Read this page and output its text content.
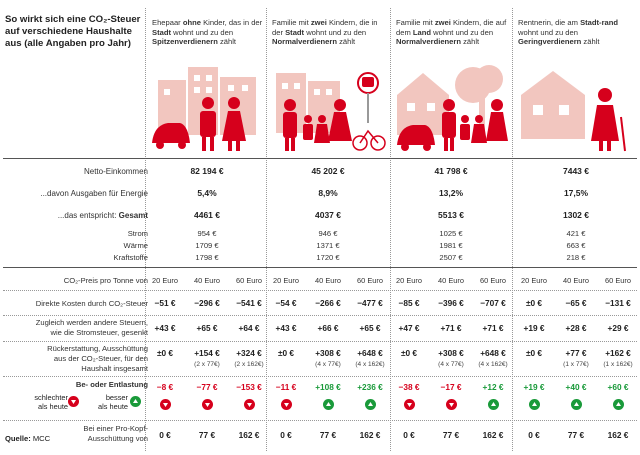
So wirkt sich eine CO₂-Steuer auf verschiedene Haushalte aus (alle Angaben pro Jahr)
Ehepaar ohne Kinder, das in der Stadt wohnt und zu den Spitzenverdienern zählt
Familie mit zwei Kindern, die in der Stadt wohnt und zu den Normalverdienern zählt
Familie mit zwei Kindern, die auf dem Land wohnt und zu den Normalverdienern zählt
Rentnerin, die am Stadt-rand wohnt und zu den Geringverdienern zählt
Netto-Einkommen
...davon Ausgaben für Energie
...das entspricht: Gesamt
Strom
Wärme
Kraftstoffe
82 194 €
5,4%
4461 €
954 €
1709 €
1798 €
45 202 €
8,9%
4037 €
946 €
1371 €
1720 €
41 798 €
13,2%
5513 €
1025 €
1981 €
2507 €
7443 €
17,5%
1302 €
421 €
663 €
218 €
CO₂-Preis pro Tonne von
Direkte Kosten durch CO₂-Steuer
Zugleich werden andere Steuern,
wie die Stromsteuer, gesenkt
Rückerstattung, Ausschüttung
aus der CO₂-Steuer, für den
Haushalt insgesamt
Be- oder Entlastung
schlechter
als heute
besser
als heute
Bei einer Pro-Kopf-
Ausschüttung von
Quelle: MCC
20 Euro
−51 €
+43 €
±0 €
−8 €
0 €
40 Euro
−296 €
+65 €
+154 €
(2 x 77€)
−77 €
77 €
60 Euro
−541 €
+64 €
+324 €
(2 x 162€)
−153 €
162 €
20 Euro
−54 €
+43 €
±0 €
−11 €
0 €
40 Euro
−266 €
+66 €
+308 €
(4 x 77€)
+108 €
77 €
60 Euro
−477 €
+65 €
+648 €
(4 x 162€)
+236 €
162 €
20 Euro
−85 €
+47 €
±0 €
−38 €
0 €
40 Euro
−396 €
+71 €
+308 €
(4 x 77€)
−17 €
77 €
60 Euro
−707 €
+71 €
+648 €
(4 x 162€)
+12 €
162 €
20 Euro
±0 €
+19 €
±0 €
+19 €
0 €
40 Euro
−65 €
+28 €
+77 €
(1 x 77€)
+40 €
77 €
60 Euro
−131 €
+29 €
+162 €
(1 x 162€)
+60 €
162 €
